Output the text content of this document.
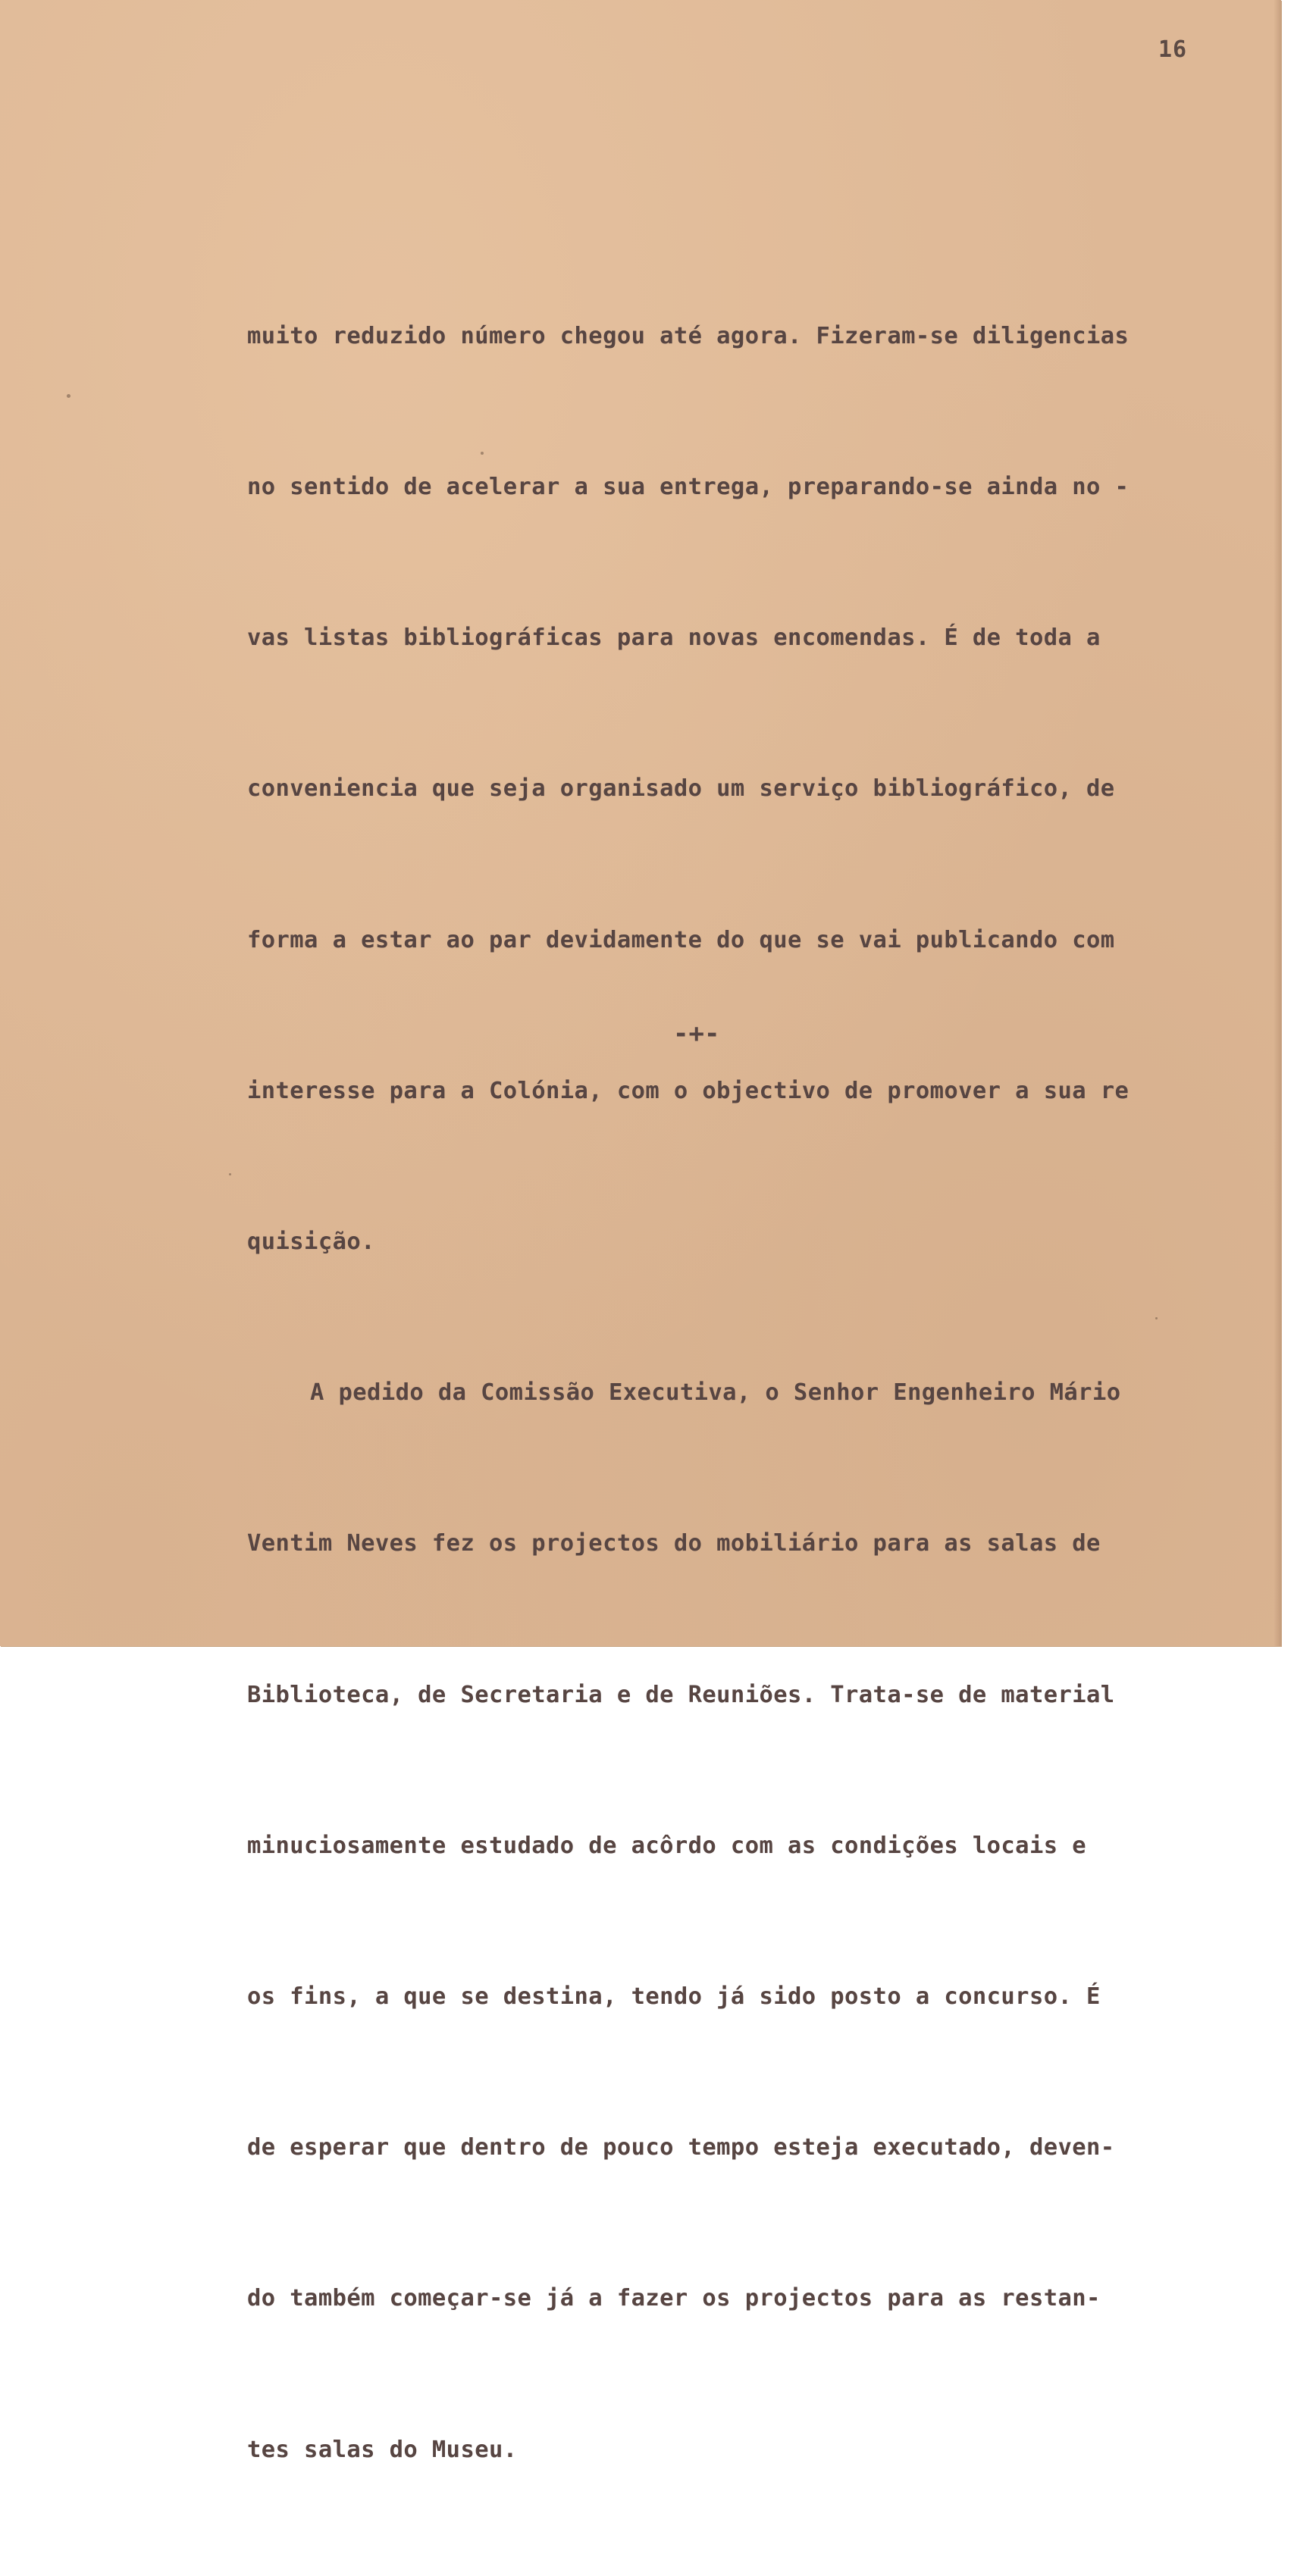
16

muito reduzido número chegou até agora. Fizeram-se diligencias

no sentido de acelerar a sua entrega, preparando-se ainda no -

vas listas bibliográficas para novas encomendas. É de toda a

conveniencia que seja organisado um serviço bibliográfico, de

forma a estar ao par devidamente do que se vai publicando com

interesse para a Colónia, com o objectivo de promover a sua re

quisição.

A pedido da Comissão Executiva, o Senhor Engenheiro Mário

Ventim Neves fez os projectos do mobiliário para as salas de

Biblioteca, de Secretaria e de Reuniões. Trata-se de material

minuciosamente estudado de acôrdo com as condições locais e

os fins, a que se destina, tendo já sido posto a concurso. É

de esperar que dentro de pouco tempo esteja executado, deven-

do também começar-se já a fazer os projectos para as restan-

tes salas do Museu.

-+-
